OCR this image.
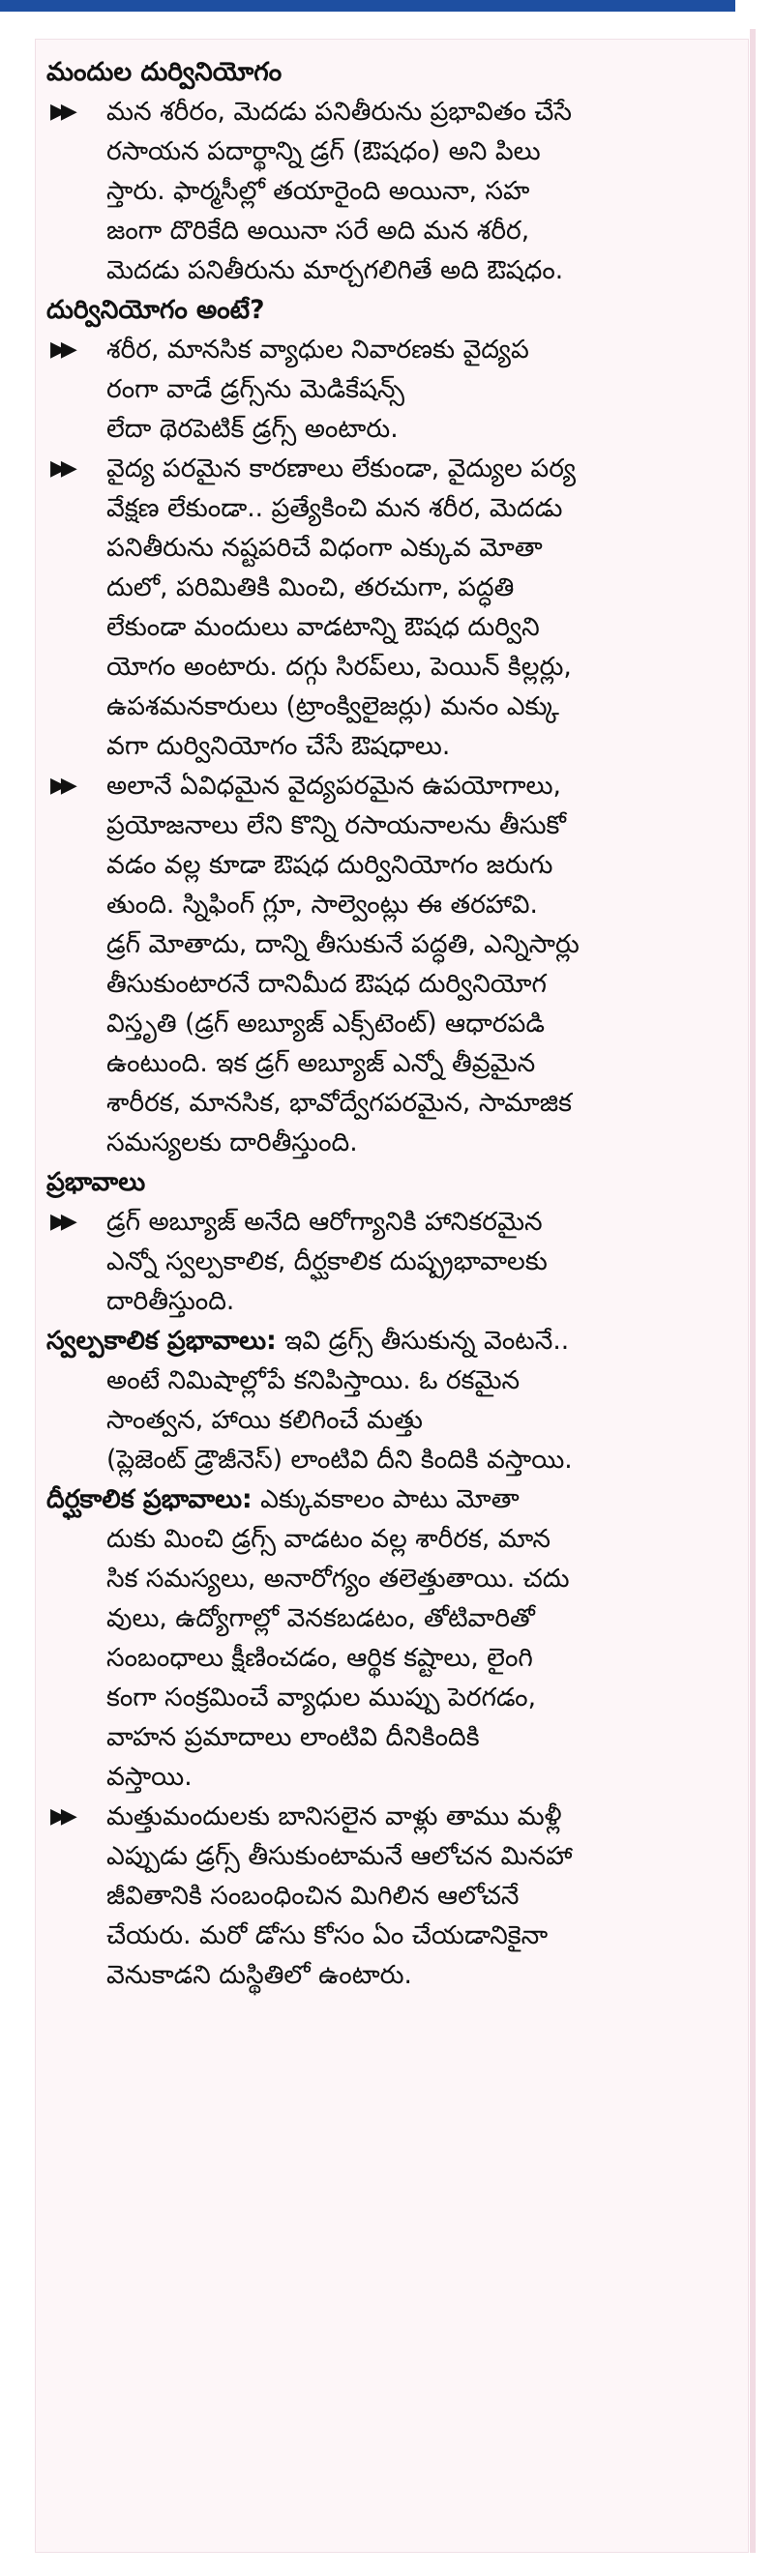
మందుల దుర్వినియోగం

▶▶ మన శరీరం, మెదడు పనితీరును ప్రభావితం చేసే
రసాయన పదార్థాన్ని డ్రగ్ (ఔషధం) అని పిలు
స్తారు. ఫార్మసీల్లో తయారైంది అయినా, సహ
జంగా దొరికేది అయినా సరే అది మన శరీర,
మెదడు పనితీరును మార్చగలిగితే అది ఔషధం.

దుర్వినియోగం అంటే?

▶▶ శరీర, మానసిక వ్యాధుల నివారణకు వైద్యప
రంగా వాడే డ్రగ్స్‌ను మెడికేషన్స్
లేదా థెరపెటిక్ డ్రగ్స్ అంటారు.
▶▶ వైద్య పరమైన కారణాలు లేకుండా, వైద్యుల పర్య
వేక్షణ లేకుండా.. ప్రత్యేకించి మన శరీర, మెదడు
పనితీరును నష్టపరిచే విధంగా ఎక్కువ మోతా
దులో, పరిమితికి మించి, తరచుగా, పద్ధతి
లేకుండా మందులు వాడటాన్ని ఔషధ దుర్విని
యోగం అంటారు. దగ్గు సిరప్‌లు, పెయిన్ కిల్లర్లు,
ఉపశమనకారులు (ట్రాంక్విలైజర్లు) మనం ఎక్కు
వగా దుర్వినియోగం చేసే ఔషధాలు.
▶▶ అలానే ఏవిధమైన వైద్యపరమైన ఉపయోగాలు,
ప్రయోజనాలు లేని కొన్ని రసాయనాలను తీసుకో
వడం వల్ల కూడా ఔషధ దుర్వినియోగం జరుగు
తుంది. స్నిఫింగ్ గ్లూ, సాల్వెంట్లు ఈ తరహావి.
డ్రగ్ మోతాదు, దాన్ని తీసుకునే పద్ధతి, ఎన్నిసార్లు
తీసుకుంటారనే దానిమీద ఔషధ దుర్వినియోగ
విస్తృతి (డ్రగ్ అబ్యూజ్ ఎక్స్‌టెంట్) ఆధారపడి
ఉంటుంది. ఇక డ్రగ్ అబ్యూజ్ ఎన్నో తీవ్రమైన
శారీరక, మానసిక, భావోద్వేగపరమైన, సామాజిక
సమస్యలకు దారితీస్తుంది.

ప్రభావాలు

▶▶ డ్రగ్ అబ్యూజ్ అనేది ఆరోగ్యానికి హానికరమైన
ఎన్నో స్వల్పకాలిక, దీర్ఘకాలిక దుష్ప్రభావాలకు
దారితీస్తుంది.
స్వల్పకాలిక ప్రభావాలు: ఇవి డ్రగ్స్ తీసుకున్న వెంటనే..
అంటే నిమిషాల్లోపే కనిపిస్తాయి. ఓ రకమైన
సాంత్వన, హాయి కలిగించే మత్తు
(ప్లెజెంట్ డ్రౌజీనెస్) లాంటివి దీని కిందికి వస్తాయి.
దీర్ఘకాలిక ప్రభావాలు: ఎక్కువకాలం పాటు మోతా
దుకు మించి డ్రగ్స్ వాడటం వల్ల శారీరక, మాన
సిక సమస్యలు, అనారోగ్యం తలెత్తుతాయి. చదు
వులు, ఉద్యోగాల్లో వెనకబడటం, తోటివారితో
సంబంధాలు క్షీణించడం, ఆర్థిక కష్టాలు, లైంగి
కంగా సంక్రమించే వ్యాధుల ముప్పు పెరగడం,
వాహన ప్రమాదాలు లాంటివి దీనికిందికి
వస్తాయి.
▶▶ మత్తుమందులకు బానిసలైన వాళ్లు తాము మళ్లీ
ఎప్పుడు డ్రగ్స్ తీసుకుంటామనే ఆలోచన మినహా
జీవితానికి సంబంధించిన మిగిలిన ఆలోచనే
చేయరు. మరో డోసు కోసం ఏం చేయడానికైనా
వెనుకాడని దుస్థితిలో ఉంటారు.
